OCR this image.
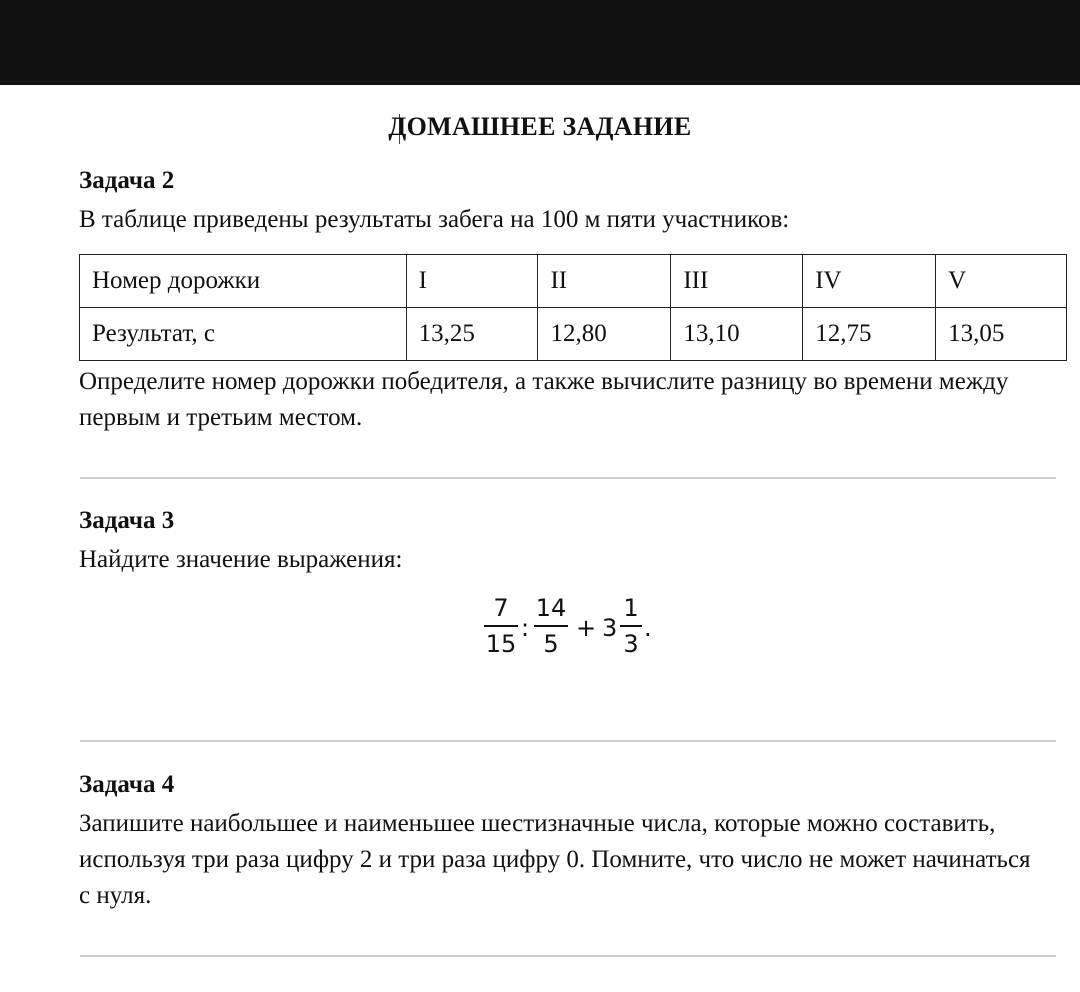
ДОМАШНЕЕ ЗАДАНИЕ
Задача 2
В таблице приведены результаты забега на 100 м пяти участников:
Номер дорожки	I	II	III	IV	V
Результат, с	13,25	12,80	13,10	12,75	13,05
Определите номер дорожки победителя, а также вычислите разницу во времени между первым и третьим местом.
Задача 3
Найдите значение выражения:
7
15
:
14
5
+ 3
1
3
.
Задача 4
Запишите наибольшее и наименьшее шестизначные числа, которые можно составить, используя три раза цифру 2 и три раза цифру 0. Помните, что число не может начинаться с нуля.
